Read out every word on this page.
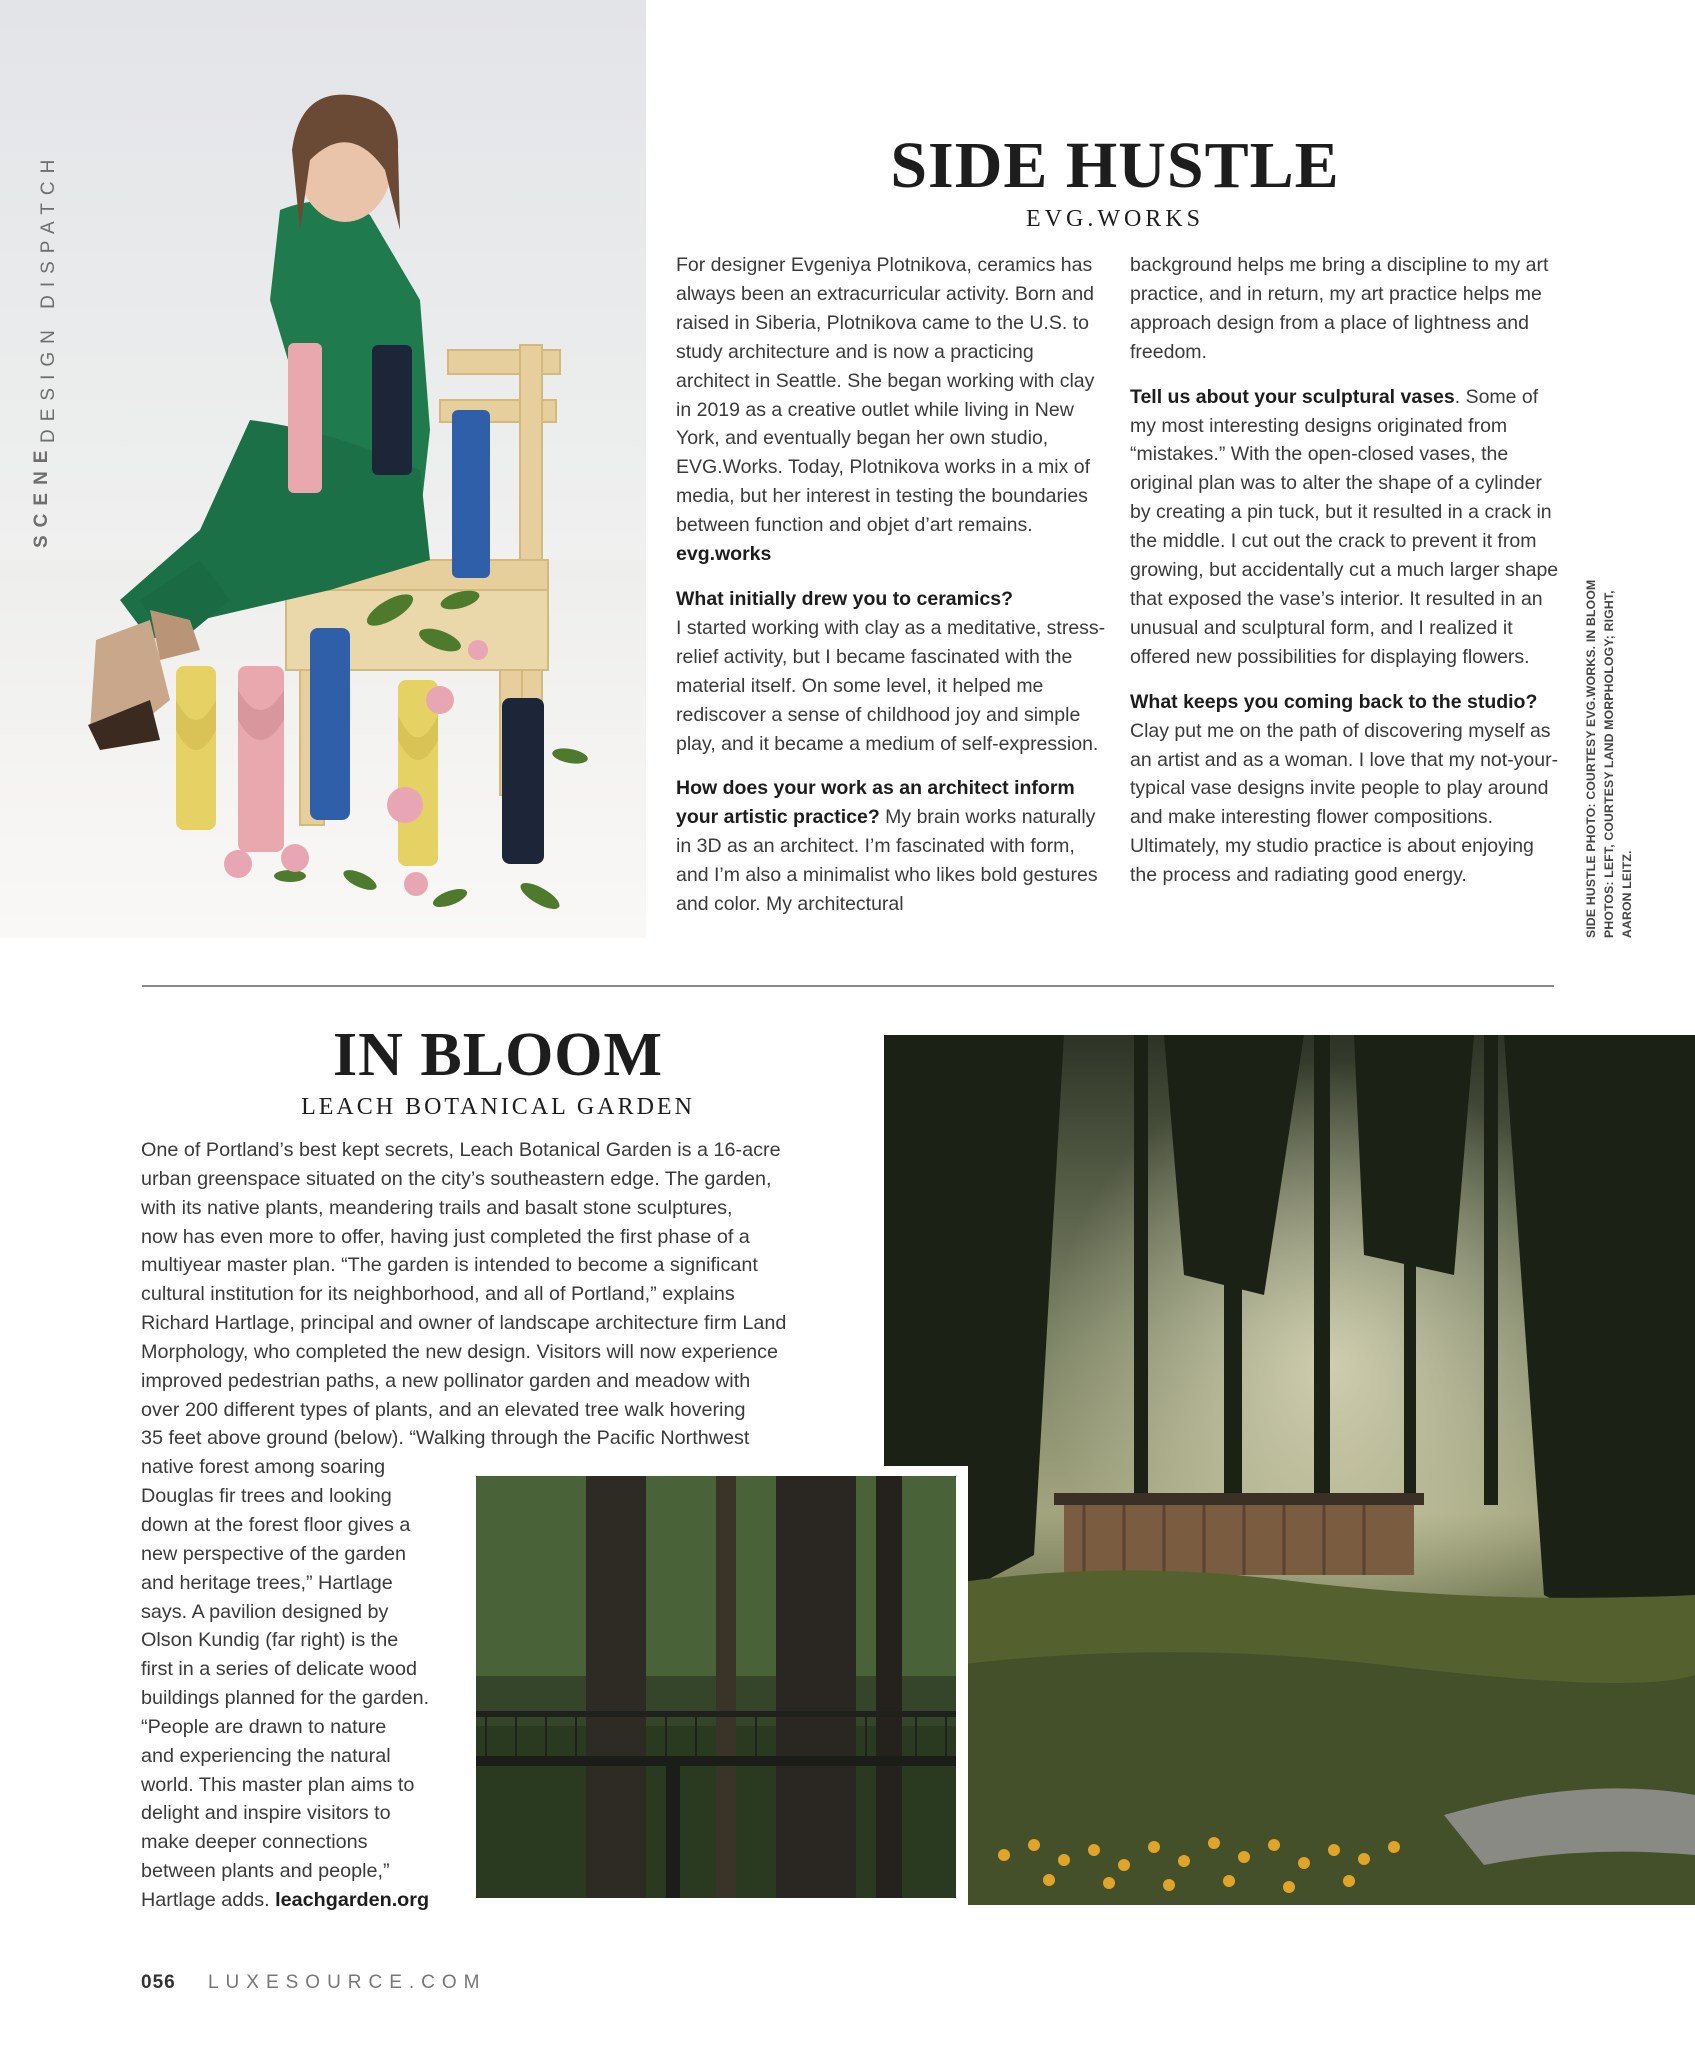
SCENE
DESIGN DISPATCH	SIDE HUSTLE
EVG.WORKS

For designer Evgeniya Plotnikova, ceramics has always been an extracurricular activity. Born and raised in Siberia, Plotnikova came to the U.S. to study architecture and is now a practicing architect in Seattle. She began working with clay in 2019 as a creative outlet while living in New York, and eventually began her own studio, EVG.Works. Today, Plotnikova works in a mix of media, but her interest in testing the boundaries between function and objet d’art remains. evg.works

What initially drew you to ceramics?
I started working with clay as a meditative, stress-relief activity, but I became fascinated with the material itself. On some level, it helped me rediscover a sense of childhood joy and simple play, and it became a medium of self-expression.

How does your work as an architect inform your artistic practice? My brain works naturally in 3D as an architect. I’m fascinated with form, and I’m also a minimalist who likes bold gestures and color. My architectural

background helps me bring a discipline to my art practice, and in return, my art practice helps me approach design from a place of lightness and freedom.

Tell us about your sculptural vases. Some of my most interesting designs originated from “mistakes.” With the open-closed vases, the original plan was to alter the shape of a cylinder by creating a pin tuck, but it resulted in a crack in the middle. I cut out the crack to prevent it from growing, but accidentally cut a much larger shape that exposed the vase’s interior. It resulted in an unusual and sculptural form, and I realized it offered new possibilities for displaying flowers.

What keeps you coming back to the studio?
Clay put me on the path of discovering myself as an artist and as a woman. I love that my not-your-typical vase designs invite people to play around and make interesting flower compositions. Ultimately, my studio practice is about enjoying the process and radiating good energy.	SIDE HUSTLE PHOTO: COURTESY EVG.WORKS. IN BLOOM PHOTOS: LEFT, COURTESY LAND MORPHOLOGY; RIGHT, AARON LEITZ.
IN BLOOM
LEACH BOTANICAL GARDEN
One of Portland’s best kept secrets, Leach Botanical Garden is a 16-acre
urban greenspace situated on the city’s southeastern edge. The garden,
with its native plants, meandering trails and basalt stone sculptures,
now has even more to offer, having just completed the first phase of a
multiyear master plan. “The garden is intended to become a significant
cultural institution for its neighborhood, and all of Portland,” explains
Richard Hartlage, principal and owner of landscape architecture firm Land
Morphology, who completed the new design. Visitors will now experience
improved pedestrian paths, a new pollinator garden and meadow with
over 200 different types of plants, and an elevated tree walk hovering
35 feet above ground (below). “Walking through the Pacific Northwest
native forest among soaring
Douglas fir trees and looking
down at the forest floor gives a
new perspective of the garden
and heritage trees,” Hartlage
says. A pavilion designed by
Olson Kundig (far right) is the
first in a series of delicate wood
buildings planned for the garden.
“People are drawn to nature
and experiencing the natural
world. This master plan aims to
delight and inspire visitors to
make deeper connections
between plants and people,”
Hartlage adds. leachgarden.org
056 LUXESOURCE.COM
